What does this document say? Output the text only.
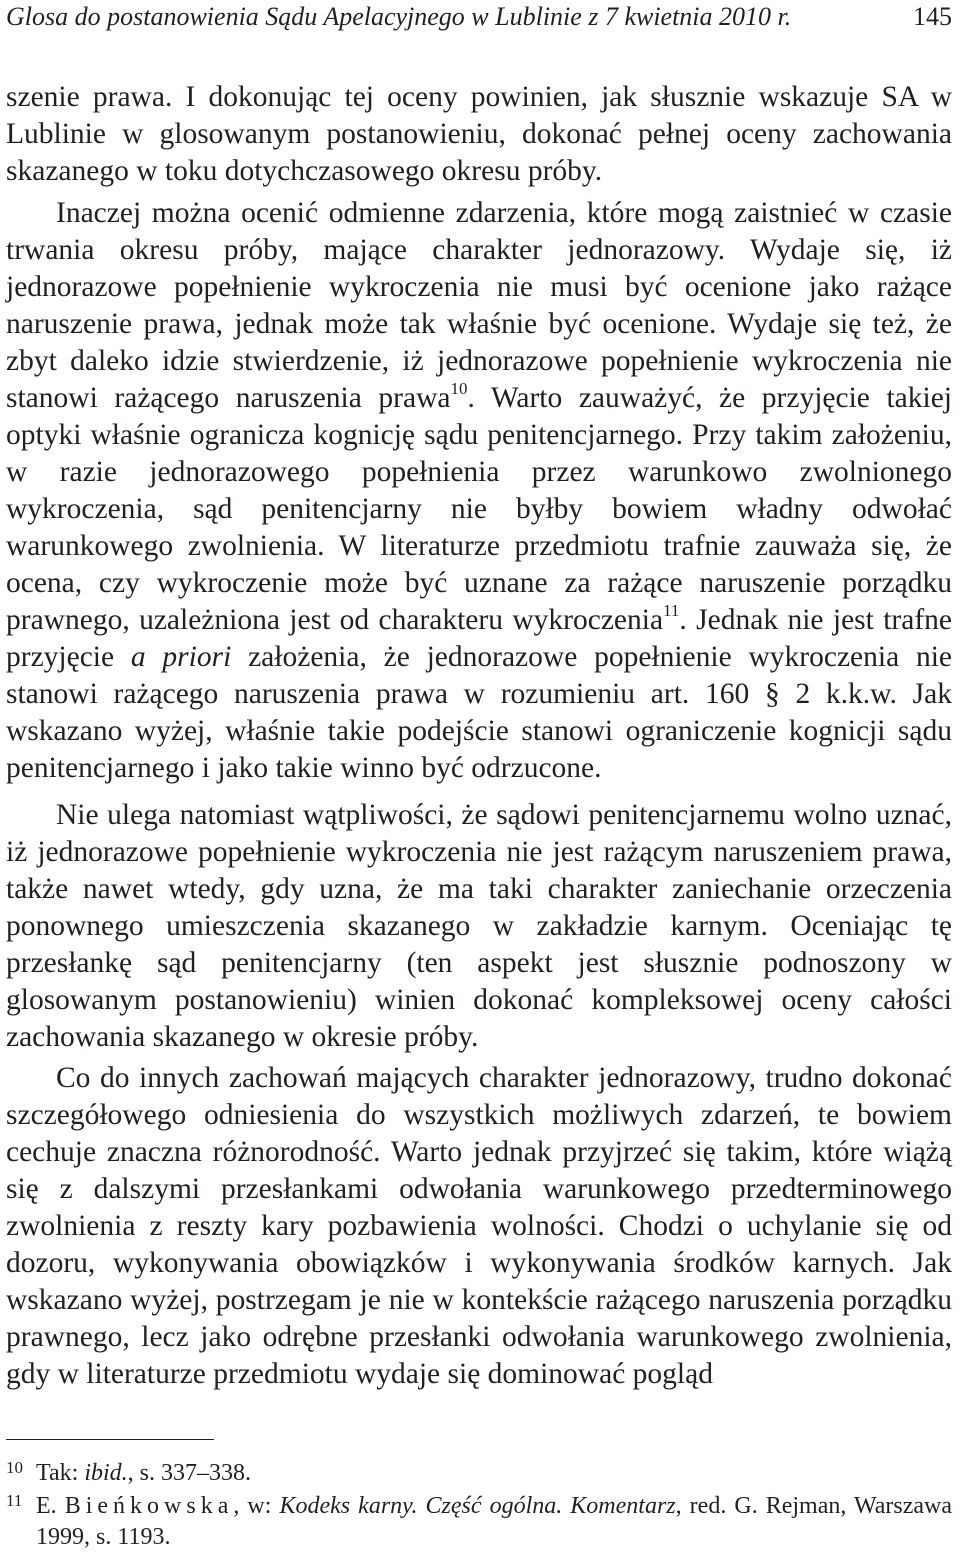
Glosa do postanowienia Sądu Apelacyjnego w Lublinie z 7 kwietnia 2010 r.	145

szenie prawa. I dokonując tej oceny powinien, jak słusznie wskazuje SA w Lublinie w glosowanym postanowieniu, dokonać pełnej oceny zachowania skazanego w toku dotychczasowego okresu próby.

Inaczej można ocenić odmienne zdarzenia, które mogą zaistnieć w czasie trwania okresu próby, mające charakter jednorazowy. Wydaje się, iż jednorazowe popełnienie wykroczenia nie musi być ocenione jako rażące naruszenie prawa, jednak może tak właśnie być ocenione. Wydaje się też, że zbyt daleko idzie stwierdzenie, iż jednorazowe popełnienie wykroczenia nie stanowi rażącego naruszenia prawa$^{10}$. Warto zauważyć, że przyjęcie takiej optyki właśnie ogranicza kognicję sądu penitencjarnego. Przy takim założeniu, w razie jednorazowego popełnienia przez warunkowo zwolnionego wykroczenia, sąd penitencjarny nie byłby bowiem władny odwołać warunkowego zwolnienia. W literaturze przedmiotu trafnie zauważa się, że ocena, czy wykroczenie może być uznane za rażące naruszenie porządku prawnego, uzależniona jest od charakteru wykroczenia$^{11}$. Jednak nie jest trafne przyjęcie a priori założenia, że jednorazowe popełnienie wykroczenia nie stanowi rażącego naruszenia prawa w rozumieniu art. 160 § 2 k.k.w. Jak wskazano wyżej, właśnie takie podejście stanowi ograniczenie kognicji sądu penitencjarnego i jako takie winno być odrzucone.

Nie ulega natomiast wątpliwości, że sądowi penitencjarnemu wolno uznać, iż jednorazowe popełnienie wykroczenia nie jest rażącym naruszeniem prawa, także nawet wtedy, gdy uzna, że ma taki charakter zaniechanie orzeczenia ponownego umieszczenia skazanego w zakładzie karnym. Oceniając tę przesłankę sąd penitencjarny (ten aspekt jest słusznie podnoszony w glosowanym postanowieniu) winien dokonać kompleksowej oceny całości zachowania skazanego w okresie próby.

Co do innych zachowań mających charakter jednorazowy, trudno dokonać szczegółowego odniesienia do wszystkich możliwych zdarzeń, te bowiem cechuje znaczna różnorodność. Warto jednak przyjrzeć się takim, które wiążą się z dalszymi przesłankami odwołania warunkowego przedterminowego zwolnienia z reszty kary pozbawienia wolności. Chodzi o uchylanie się od dozoru, wykonywania obowiązków i wykonywania środków karnych. Jak wskazano wyżej, postrzegam je nie w kontekście rażącego naruszenia porządku prawnego, lecz jako odrębne przesłanki odwołania warunkowego zwolnienia, gdy w literaturze przedmiotu wydaje się dominować pogląd

10 Tak: ibid., s. 337–338.
11 E. Bieńkowska, w: Kodeks karny. Część ogólna. Komentarz, red. G. Rejman, Warszawa 1999, s. 1193.
